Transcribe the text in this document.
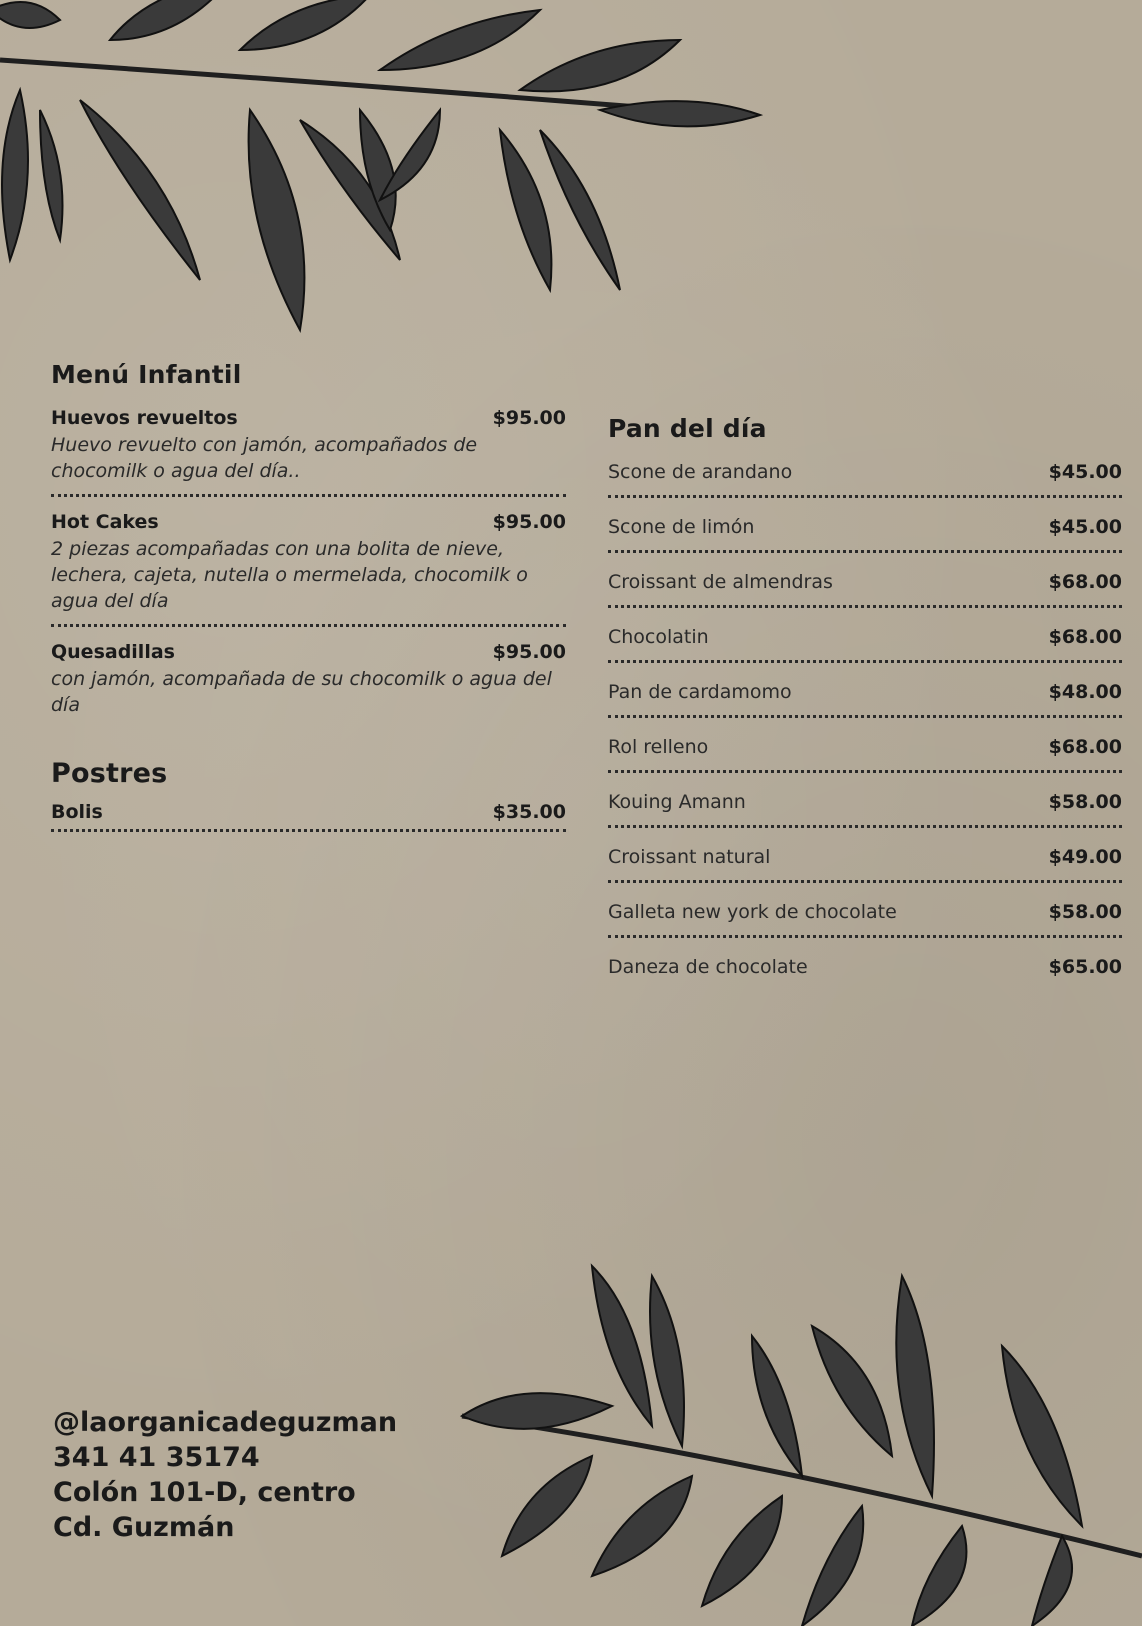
Menú Infantil
Huevos revueltos	$95.00
Huevo revuelto con jamón, acompañados de chocomilk o agua del día..
Hot Cakes	$95.00
2 piezas acompañadas con una bolita de nieve, lechera, cajeta, nutella o mermelada, chocomilk o agua del día
Quesadillas	$95.00
con jamón, acompañada de su chocomilk o agua del día
Postres
Bolis	$35.00
Pan del día
Scone de arandano	$45.00
Scone de limón	$45.00
Croissant de almendras	$68.00
Chocolatin	$68.00
Pan de cardamomo	$48.00
Rol relleno	$68.00
Kouing Amann	$58.00
Croissant natural	$49.00
Galleta new york de chocolate	$58.00
Daneza de chocolate	$65.00
@laorganicadeguzman
341 41 35174
Colón 101-D, centro
Cd. Guzmán
